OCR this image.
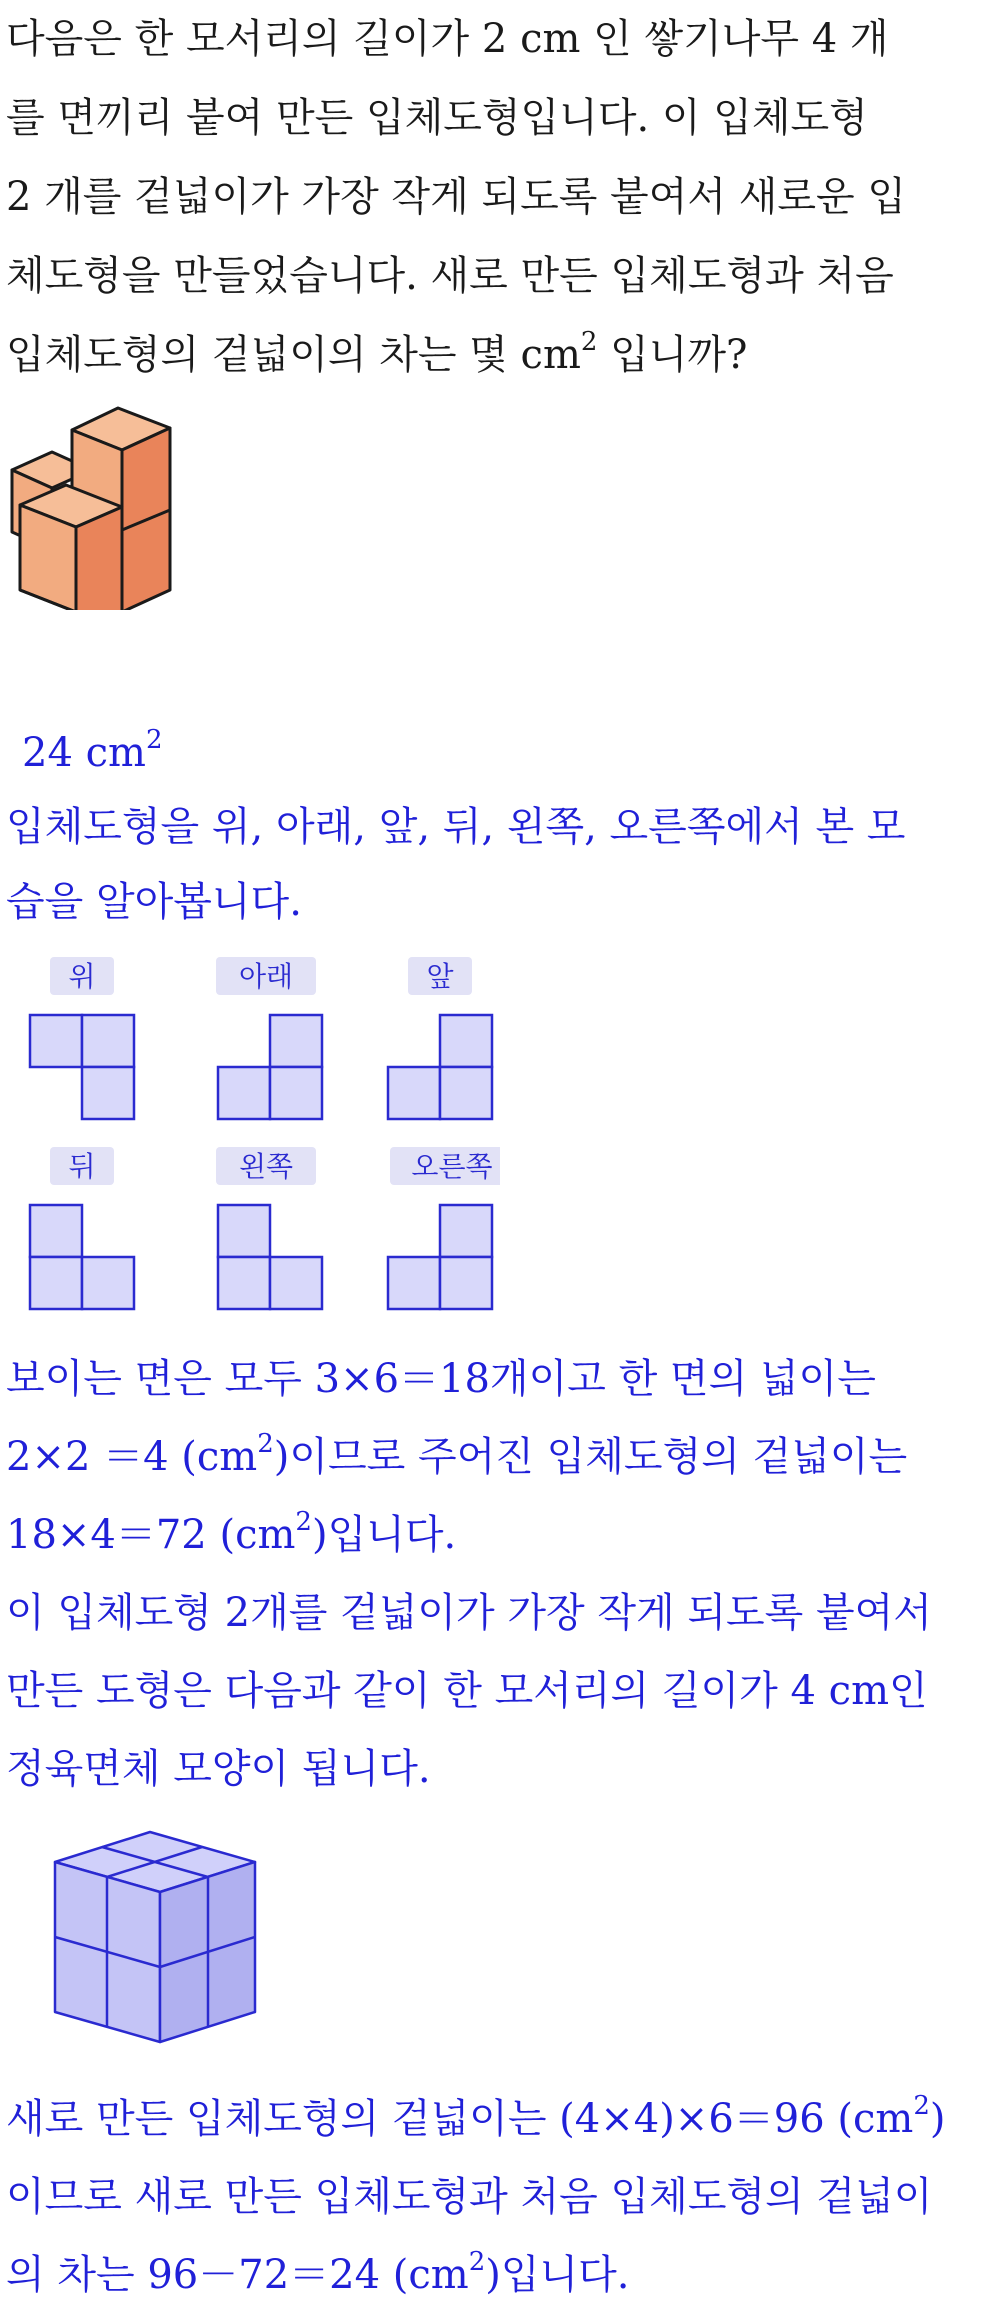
다음은 한 모서리의 길이가 2 cm 인 쌓기나무 4 개
를 면끼리 붙여 만든 입체도형입니다. 이 입체도형
2 개를 겉넓이가 가장 작게 되도록 붙여서 새로운 입
체도형을 만들었습니다. 새로 만든 입체도형과 처음
입체도형의 겉넓이의 차는 몇 $cm^2$ 입니까?
24 $cm^2$
입체도형을 위, 아래, 앞, 뒤, 왼쪽, 오른쪽에서 본 모
습을 알아봅니다.
위	아래	앞
뒤	왼쪽	오른쪽
보이는 면은 모두 3×6＝18개이고 한 면의 넓이는
2×2 ＝4 $(cm^2)$이므로 주어진 입체도형의 겉넓이는
18×4＝72 $(cm^2)$입니다.
이 입체도형 2개를 겉넓이가 가장 작게 되도록 붙여서
만든 도형은 다음과 같이 한 모서리의 길이가 4 cm인
정육면체 모양이 됩니다.
새로 만든 입체도형의 겉넓이는 (4×4)×6＝96 $(cm^2)$
이므로 새로 만든 입체도형과 처음 입체도형의 겉넓이
의 차는 96－72＝24 $(cm^2)$입니다.
